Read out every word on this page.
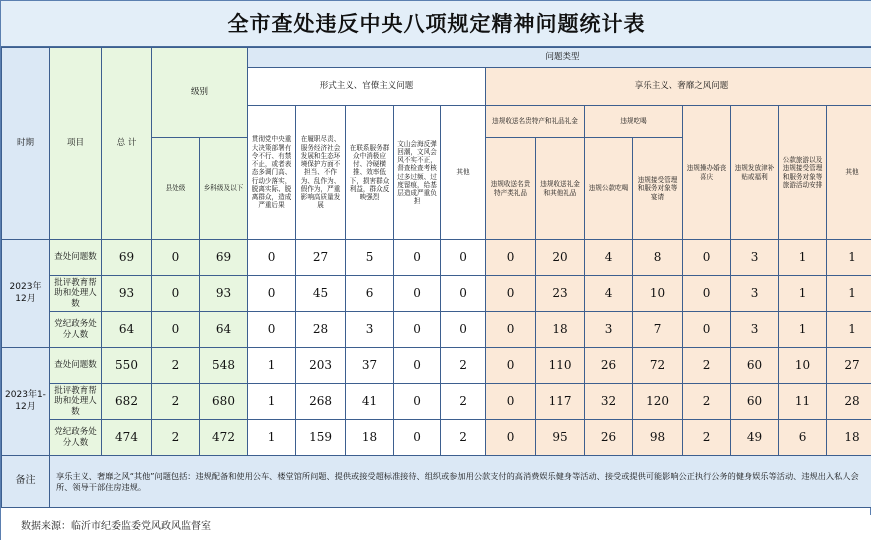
全市查处违反中央八项规定精神问题统计表
时期	项目	总 计	级别		问题类型												
					形式主义、官僚主义问题					享乐主义、奢靡之风问题							
					贯彻党中央重大决策部署有令不行、有禁不止，或者表态多调门高、行动少落实，脱离实际、脱离群众，造成严重后果	在履职尽责、服务经济社会发展和生态环境保护方面不担当、不作为、乱作为、假作为，严重影响高质量发展	在联系服务群众中消极应付、冷硬横推、效率低下，损害群众利益，群众反映强烈	文山会海反弹回潮，文风会风不实不正，督查检查考核过多过频、过度留痕，给基层造成严重负担	其他	违规收送名贵特产和礼品礼金		违规吃喝		违规操办婚丧喜庆	违规发放津补贴或福利	公款旅游以及违规接受管理和服务对象等旅游活动安排	其他
			县处级	乡科级及以下						违规收送名贵特产类礼品	违规收送礼金和其他礼品	违规公款吃喝	违规接受管理和服务对象等宴请				
2023年12月	查处问题数	69	0	69	0	27	5	0	0	0	20	4	8	0	3	1	1
	批评教育帮助和处理人数	93	0	93	0	45	6	0	0	0	23	4	10	0	3	1	1
	党纪政务处分人数	64	0	64	0	28	3	0	0	0	18	3	7	0	3	1	1
2023年1-12月	查处问题数	550	2	548	1	203	37	0	2	0	110	26	72	2	60	10	27
	批评教育帮助和处理人数	682	2	680	1	268	41	0	2	0	117	32	120	2	60	11	28
	党纪政务处分人数	474	2	472	1	159	18	0	2	0	95	26	98	2	49	6	18
备注	享乐主义、奢靡之风“其他”问题包括：违规配备和使用公车、楼堂馆所问题、提供或接受超标准接待、组织或参加用公款支付的高消费娱乐健身等活动、接受或提供可能影响公正执行公务的健身娱乐等活动、违规出入私人会所、领导干部住房违规。																
数据来源：临沂市纪委监委党风政风监督室
